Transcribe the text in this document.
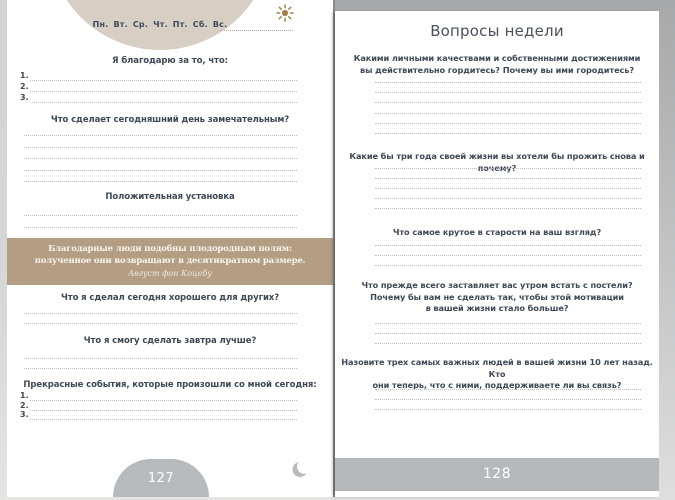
Пн. Вт. Ср. Чт. Пт. Сб. Вс.
Я благодарю за то, что:
1.
2.
3.
Что сделает сегодняшний день замечательным?
Положительная установка
Благодарные люди подобны плодородным полям: полученное они возвращают в десятикратном размере.
Август фон Коцебу
Что я сделал сегодня хорошего для других?
Что я смогу сделать завтра лучше?
Прекрасные события, которые произошли со мной сегодня:
1.
2.
3.
127
Вопросы недели
Какими личными качествами и собственными достижениями
вы действительно гордитесь? Почему вы ими городитесь?
Какие бы три года своей жизни вы хотели бы прожить снова и почему?
Что самое крутое в старости на ваш взгляд?
Что прежде всего заставляет вас утром встать с постели?
Почему бы вам не сделать так, чтобы этой мотивации
в вашей жизни стало больше?
Назовите трех самых важных людей в вашей жизни 10 лет назад. Кто
они теперь, что с ними, поддерживаете ли вы связь?
128
